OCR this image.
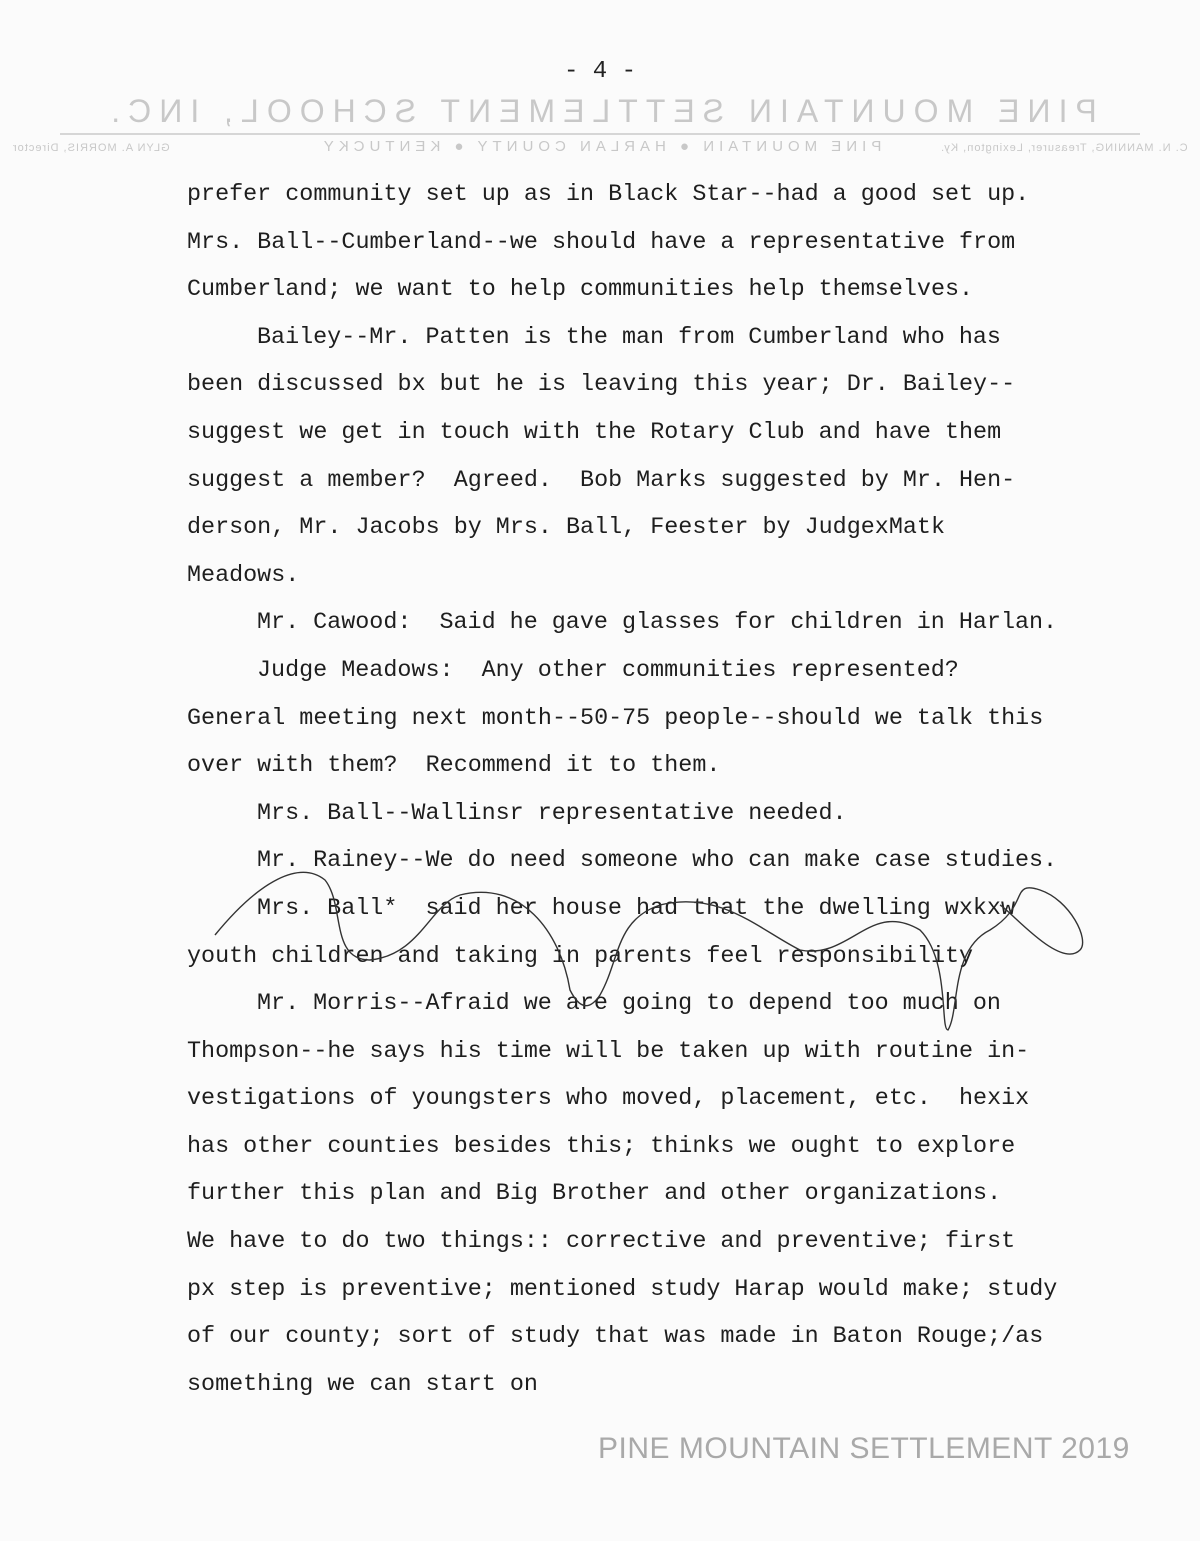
- 4 -
PINE MOUNTAIN SETTLEMENT SCHOOL, INC.
PINE MOUNTAIN ● HARLAN COUNTY ● KENTUCKY
GLYN A. MORRIS, Director	C. N. MANNING, Treasurer, Lexington, Ky.
prefer community set up as in Black Star--had a good set up.
Mrs. Ball--Cumberland--we should have a representative from
Cumberland; we want to help communities help themselves.
Bailey--Mr. Patten is the man from Cumberland who has
been discussed bx but he is leaving this year; Dr. Bailey--
suggest we get in touch with the Rotary Club and have them
suggest a member?  Agreed.  Bob Marks suggested by Mr. Hen-
derson, Mr. Jacobs by Mrs. Ball, Feester by JudgexMatk
Meadows.
Mr. Cawood:  Said he gave glasses for children in Harlan.
Judge Meadows:  Any other communities represented?
General meeting next month--50-75 people--should we talk this
over with them?  Recommend it to them.
Mrs. Ball--Wallinsr representative needed.
Mr. Rainey--We do need someone who can make case studies.
Mrs. Ball*  said her house had that the dwelling wxkxw
youth children and taking in parents feel responsibility
Mr. Morris--Afraid we are going to depend too much on
Thompson--he says his time will be taken up with routine in-
vestigations of youngsters who moved, placement, etc.  hexix
has other counties besides this; thinks we ought to explore
further this plan and Big Brother and other organizations.
We have to do two things:: corrective and preventive; first
px step is preventive; mentioned study Harap would make; study
of our county; sort of study that was made in Baton Rouge;/as
something we can start on
PINE MOUNTAIN SETTLEMENT 2019
